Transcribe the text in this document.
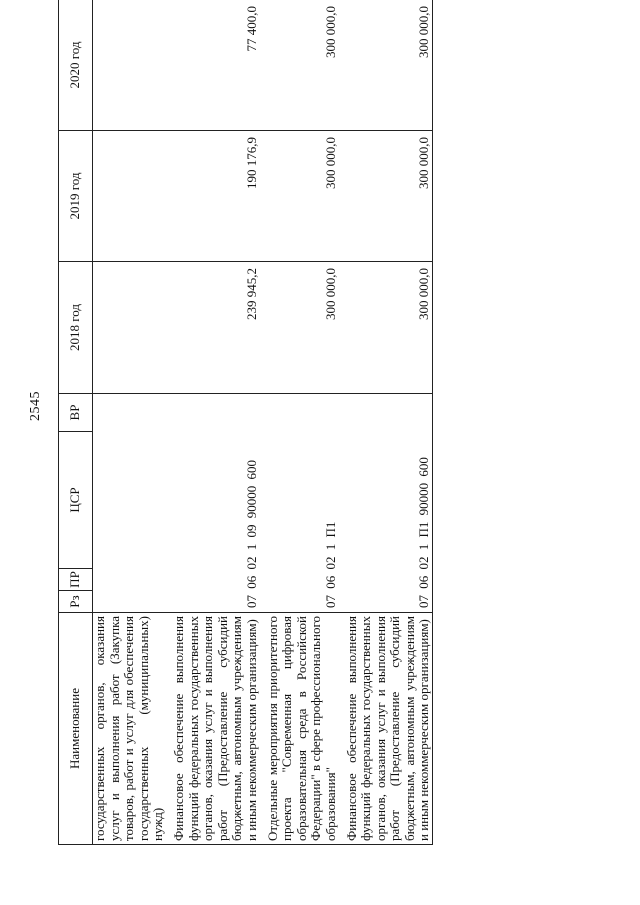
2545
Наименование	Рз	ПР	ЦСР	ВР	2018 год	2019 год	2020 год
государственных органов, оказания услуг и выполнения работ (Закупка товаров, работ и услуг для обеспечения государственных (муниципальных) нужд)							
Финансовое обеспечение выполнения функций федеральных государственных органов, оказания услуг и выполнения работ (Предоставление субсидий бюджетным, автономным учреждениям и иным некоммерческим организациям)	07 06 02 1 09 90000 600				239 945,2	190 176,9	77 400,0
Отдельные мероприятия приоритетного проекта "Современная цифровая образовательная среда в Российской Федерации" в сфере профессионального образования"	07 06 02 1 П1				300 000,0	300 000,0	300 000,0
Финансовое обеспечение выполнения функций федеральных государственных органов, оказания услуг и выполнения работ (Предоставление субсидий бюджетным, автономным учреждениям и иным некоммерческим организациям)	07 06 02 1 П1 90000 600				300 000,0	300 000,0	300 000,0
